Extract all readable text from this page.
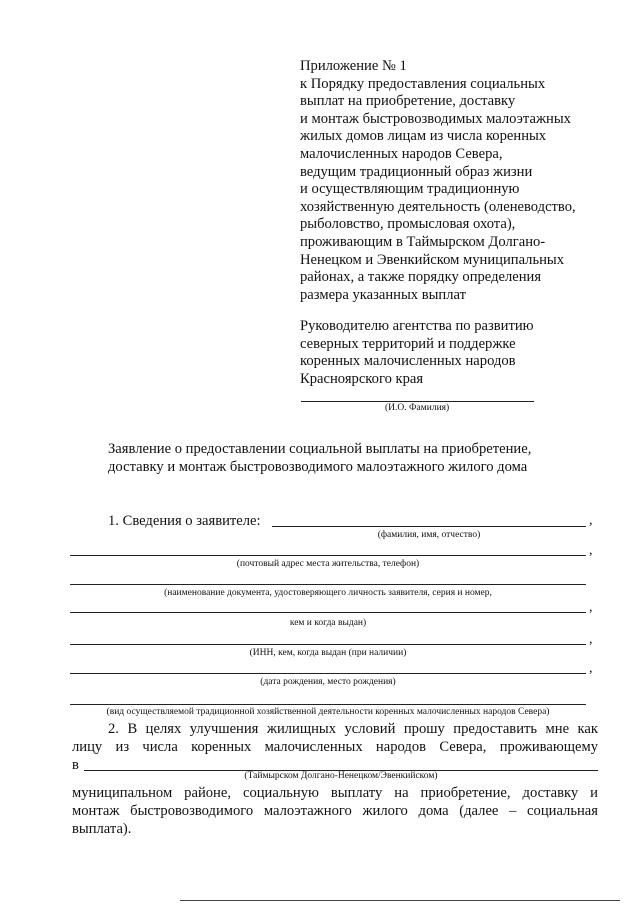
Приложение № 1
к Порядку предоставления социальных
выплат на приобретение, доставку
и монтаж быстровозводимых малоэтажных
жилых домов лицам из числа коренных
малочисленных народов Севера,
ведущим традиционный образ жизни
и осуществляющим традиционную
хозяйственную деятельность (оленеводство,
рыболовство, промысловая охота),
проживающим в Таймырском Долгано-
Ненецком и Эвенкийском муниципальных
районах, а также порядку определения
размера указанных выплат
Руководителю агентства по развитию
северных территорий и поддержке
коренных малочисленных народов
Красноярского края
(И.О. Фамилия)
Заявление о предоставлении социальной выплаты на приобретение,
доставку и монтаж быстровозводимого малоэтажного жилого дома
1. Сведения о заявителе:	,
(фамилия, имя, отчество)
,
(почтовый адрес места жительства, телефон)
(наименование документа, удостоверяющего личность заявителя, серия и номер,
,
кем и когда выдан)
,
(ИНН, кем, когда выдан (при наличии)
,
(дата рождения, место рождения)
(вид осуществляемой традиционной хозяйственной деятельности коренных малочисленных народов Севера)
2. В целях улучшения жилищных условий прошу предоставить мне как
лицу из числа коренных малочисленных народов Севера, проживающему
в
(Таймырском Долгано-Ненецком/Эвенкийском)
муниципальном районе, социальную выплату на приобретение, доставку и
монтаж быстровозводимого малоэтажного жилого дома (далее – социальная
выплата).
